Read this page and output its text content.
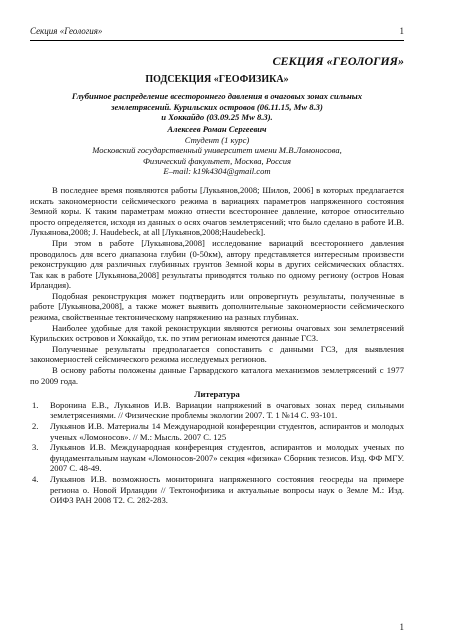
Секция «Геология»	1
СЕКЦИЯ «ГЕОЛОГИЯ»
ПОДСЕКЦИЯ «ГЕОФИЗИКА»
Глубинное распределение всестороннего давления в очаговых зонах сильных
землетрясений. Курильских островов (06.11.15, Mw 8.3)
и Хоккайдо (03.09.25 Mw 8.3).
Алексеев Роман Сергеевич
Студент (1 курс)
Московский государственный университет имени М.В.Ломоносова,
Физический факультет, Москва, Россия
E–mail: k19k4304@gmail.com

В последнее время появляются работы [Лукьянов,2008; Шилов, 2006] в которых предлагается искать закономерности сейсмического режима в вариациях параметров напряженного состояния Земной коры. К таким параметрам можно отнести всестороннее давление, которое относительно просто определяется, исходя из данных о осях очагов землетрясений; что было сделано в работе И.В. Лукьянова,2008; J. Haudebeck, at all [Лукьянов,2008;Haudebeck].

При этом в работе [Лукьянова,2008] исследование вариаций всестороннего давления проводилось для всего диапазона глубин (0-50км), автору представляется интересным произвести реконструкцию для различных глубинных грунтов Земной коры в других сейсмических областях. Так как в работе [Лукьянова,2008] результаты приводятся только по одному региону (остров Новая Ирландия).

Подобная реконструкция может подтвердить или опровергнуть результаты, полученные в работе [Лукьянова,2008], а также может выявить дополнительные закономерности сейсмического режима, свойственные тектоническому напряжению на разных глубинах.

Наиболее удобные для такой реконструкции являются регионы очаговых зон землетрясений Курильских островов и Хоккайдо, т.к. по этим регионам имеются данные ГСЗ.

Полученные результаты предполагается сопоставить с данными ГСЗ, для выявления закономерностей сейсмического режима исследуемых регионов.

В основу работы положены данные Гарвардского каталога механизмов землетрясений с 1977 по 2009 года.

Литература
1. Воронина Е.В., Лукьянов И.В. Вариации напряжений в очаговых зонах перед сильными землетрясениями. // Физические проблемы экологии 2007. Т. 1 №14 С. 93-101.
2. Лукьянов И.В. Материалы 14 Международной конференции студентов, аспирантов и молодых ученых «Ломоносов». // М.: Мысль. 2007 С. 125
3. Лукьянов И.В. Международная конференция студентов, аспирантов и молодых ученых по фундаментальным наукам «Ломоносов-2007» секция «физика» Сборник тезисов. Изд. ФФ МГУ. 2007 С. 48-49.
4. Лукьянов И.В. возможность мониторинга напряженного состояния геосреды на примере региона о. Новой Ирландии // Тектонофизика и актуальные вопросы наук о Земле М.: Изд. ОИФЗ РАН 2008 Т2. С. 282-283.
1
